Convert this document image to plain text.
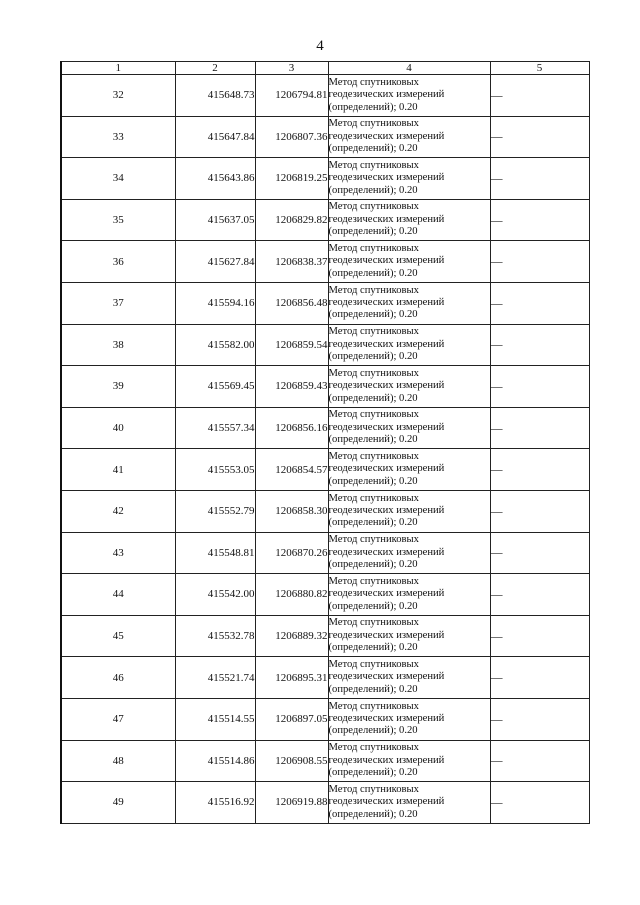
4
1	2	3	4	5
32	415648.73	1206794.81	Метод спутниковых
геодезических измерений
(определений); 0.20	—
33	415647.84	1206807.36	Метод спутниковых
геодезических измерений
(определений); 0.20	—
34	415643.86	1206819.25	Метод спутниковых
геодезических измерений
(определений); 0.20	—
35	415637.05	1206829.82	Метод спутниковых
геодезических измерений
(определений); 0.20	—
36	415627.84	1206838.37	Метод спутниковых
геодезических измерений
(определений); 0.20	—
37	415594.16	1206856.48	Метод спутниковых
геодезических измерений
(определений); 0.20	—
38	415582.00	1206859.54	Метод спутниковых
геодезических измерений
(определений); 0.20	—
39	415569.45	1206859.43	Метод спутниковых
геодезических измерений
(определений); 0.20	—
40	415557.34	1206856.16	Метод спутниковых
геодезических измерений
(определений); 0.20	—
41	415553.05	1206854.57	Метод спутниковых
геодезических измерений
(определений); 0.20	—
42	415552.79	1206858.30	Метод спутниковых
геодезических измерений
(определений); 0.20	—
43	415548.81	1206870.26	Метод спутниковых
геодезических измерений
(определений); 0.20	—
44	415542.00	1206880.82	Метод спутниковых
геодезических измерений
(определений); 0.20	—
45	415532.78	1206889.32	Метод спутниковых
геодезических измерений
(определений); 0.20	—
46	415521.74	1206895.31	Метод спутниковых
геодезических измерений
(определений); 0.20	—
47	415514.55	1206897.05	Метод спутниковых
геодезических измерений
(определений); 0.20	—
48	415514.86	1206908.55	Метод спутниковых
геодезических измерений
(определений); 0.20	—
49	415516.92	1206919.88	Метод спутниковых
геодезических измерений
(определений); 0.20	—
